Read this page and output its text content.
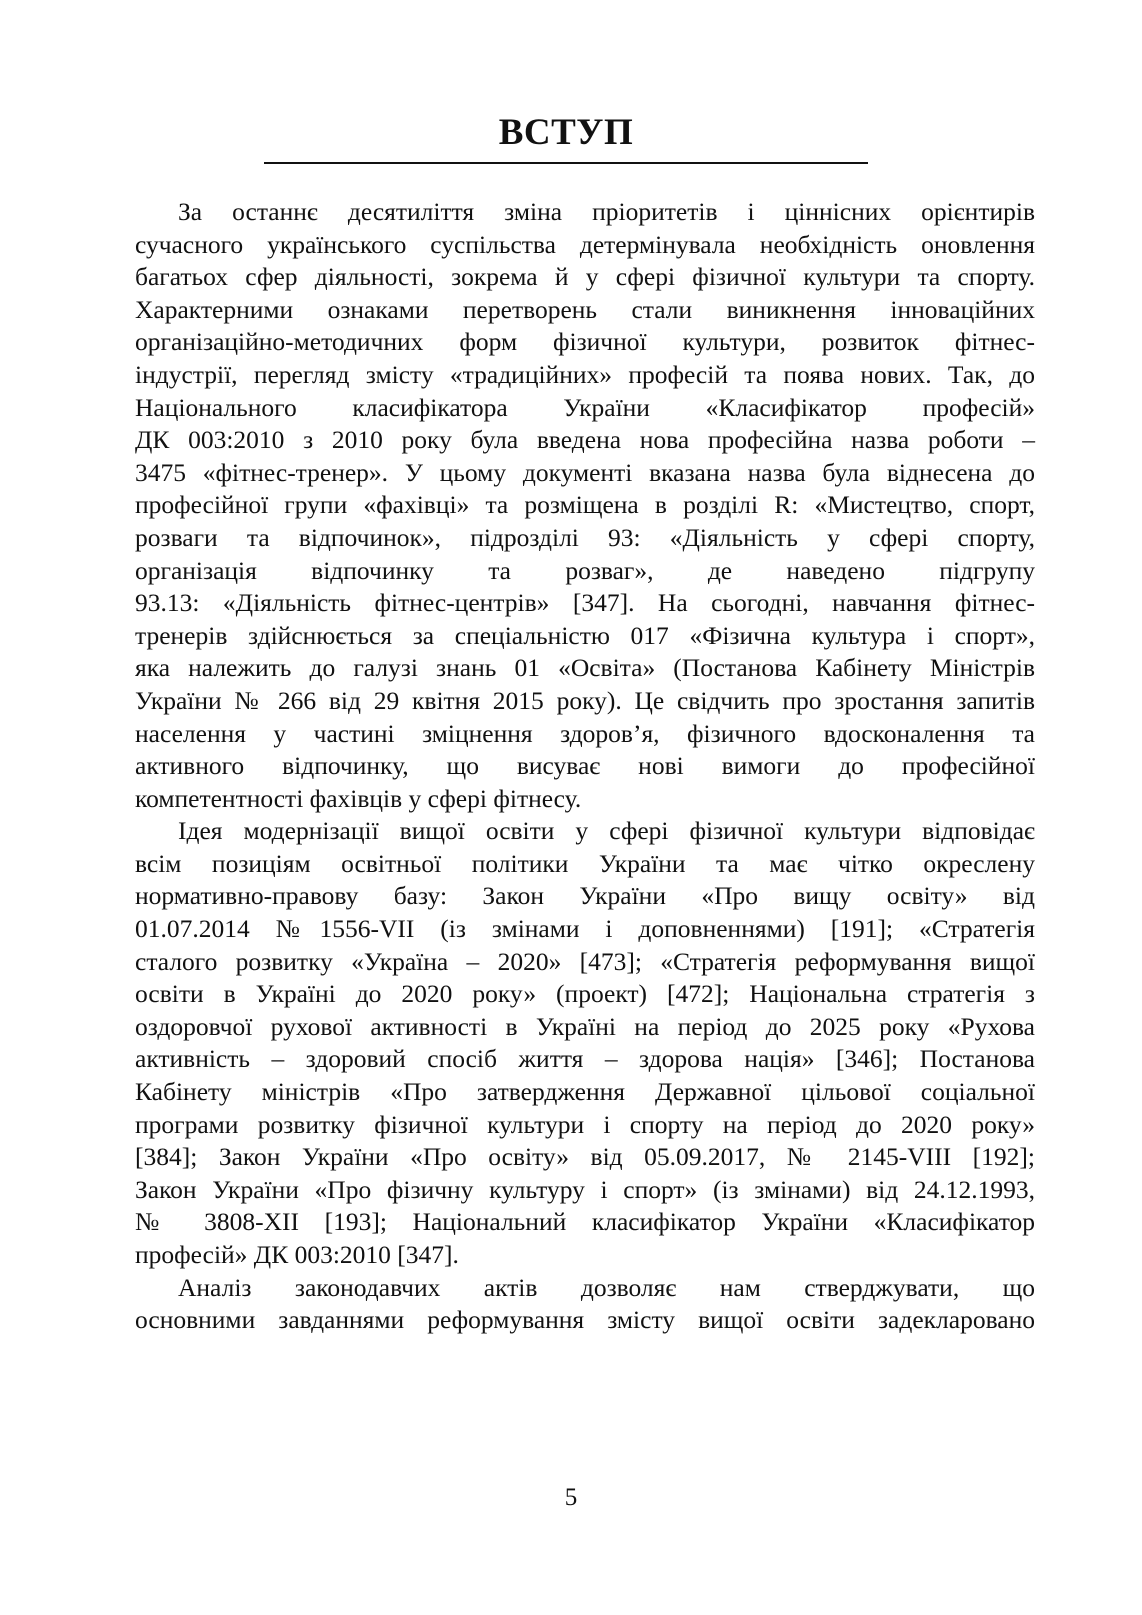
ВСТУП

За останнє десятиліття зміна пріоритетів і ціннісних орієнтирів
сучасного українського суспільства детермінувала необхідність оновлення
багатьох сфер діяльності, зокрема й у сфері фізичної культури та спорту.
Характерними ознаками перетворень стали виникнення інноваційних
організаційно-методичних форм фізичної культури, розвиток фітнес-
індустрії, перегляд змісту «традиційних» професій та поява нових. Так, до
Національного класифікатора України «Класифікатор професій»
ДК 003:2010 з 2010 року була введена нова професійна назва роботи –
3475 «фітнес-тренер». У цьому документі вказана назва була віднесена до
професійної групи «фахівці» та розміщена в розділі R: «Мистецтво, спорт,
розваги та відпочинок», підрозділі 93: «Діяльність у сфері спорту,
організація відпочинку та розваг», де наведено підгрупу
93.13: «Діяльність фітнес-центрів» [347]. На сьогодні, навчання фітнес-
тренерів здійснюється за спеціальністю 017 «Фізична культура і спорт»,
яка належить до галузі знань 01 «Освіта» (Постанова Кабінету Міністрів
України № 266 від 29 квітня 2015 року). Це свідчить про зростання запитів
населення у частині зміцнення здоров’я, фізичного вдосконалення та
активного відпочинку, що висуває нові вимоги до професійної
компетентності фахівців у сфері фітнесу.

Ідея модернізації вищої освіти у сфері фізичної культури відповідає
всім позиціям освітньої політики України та має чітко окреслену
нормативно-правову базу: Закон України «Про вищу освіту» від
01.07.2014 №1556-VII (із змінами і доповненнями) [191]; «Стратегія
сталого розвитку «Україна – 2020» [473]; «Стратегія реформування вищої
освіти в Україні до 2020 року» (проект) [472]; Національна стратегія з
оздоровчої рухової активності в Україні на період до 2025 року «Рухова
активність – здоровий спосіб життя – здорова нація» [346]; Постанова
Кабінету міністрів «Про затвердження Державної цільової соціальної
програми розвитку фізичної культури і спорту на період до 2020 року»
[384]; Закон України «Про освіту» від 05.09.2017, № 2145-VIII [192];
Закон України «Про фізичну культуру і спорт» (із змінами) від 24.12.1993,
№ 3808-XII [193]; Національний класифікатор України «Класифікатор
професій» ДК 003:2010 [347].

Аналіз законодавчих актів дозволяє нам стверджувати, що
основними завданнями реформування змісту вищої освіти задекларовано

5
